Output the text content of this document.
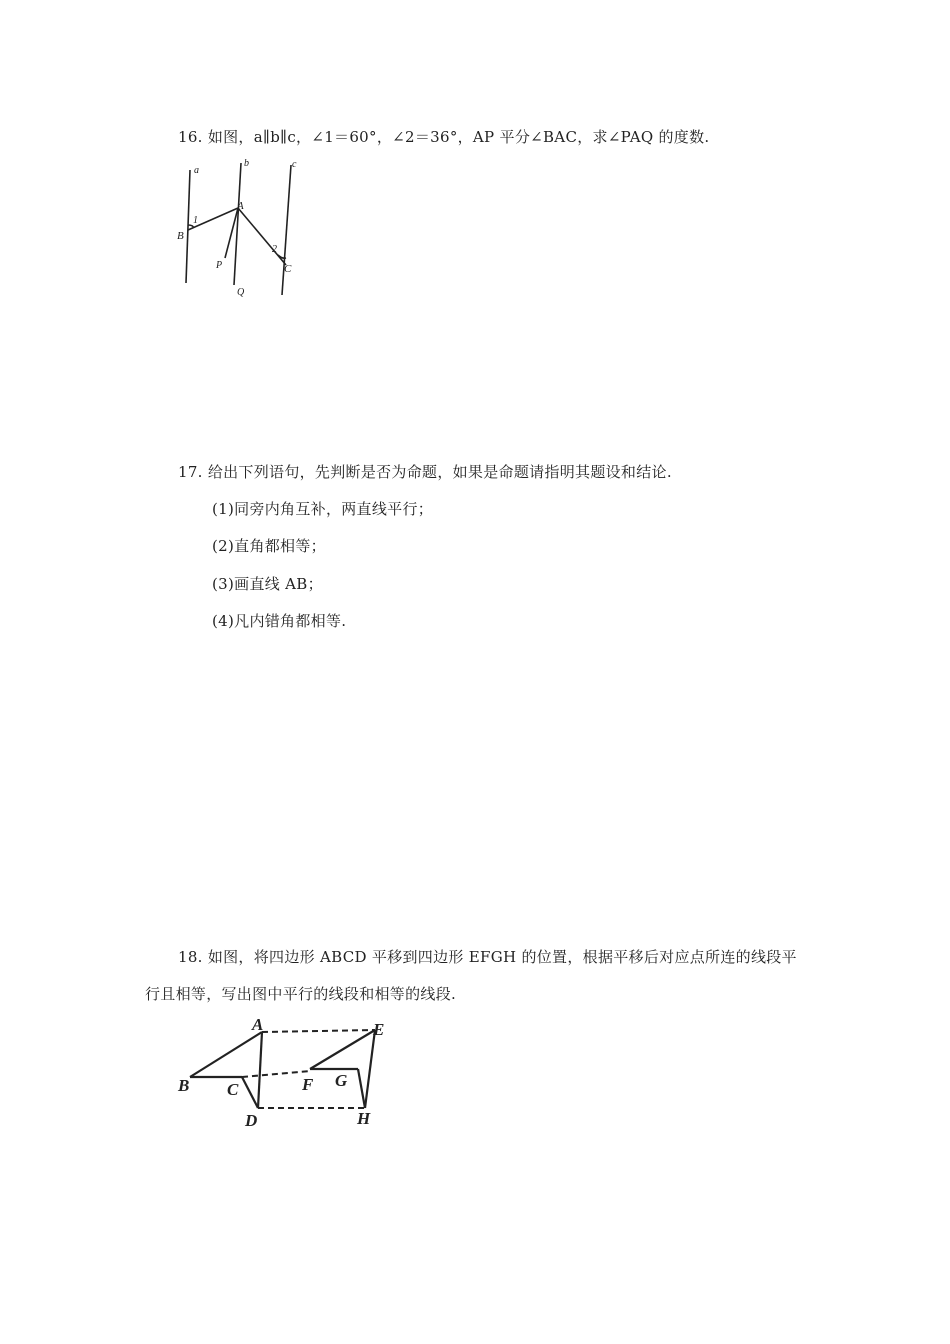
16. 如图，a∥b∥c，∠1＝60°，∠2＝36°，AP 平分∠BAC，求∠PAQ 的度数.
a
b	c
A
B
C
P
Q
1
2
17. 给出下列语句，先判断是否为命题，如果是命题请指明其题设和结论.
(1)同旁内角互补，两直线平行；
(2)直角都相等；
(3)画直线 AB；
(4)凡内错角都相等.
18. 如图，将四边形 ABCD 平移到四边形 EFGH 的位置，根据平移后对应点所连的线段平
行且相等，写出图中平行的线段和相等的线段.
A
B C
D
E
F G
H
